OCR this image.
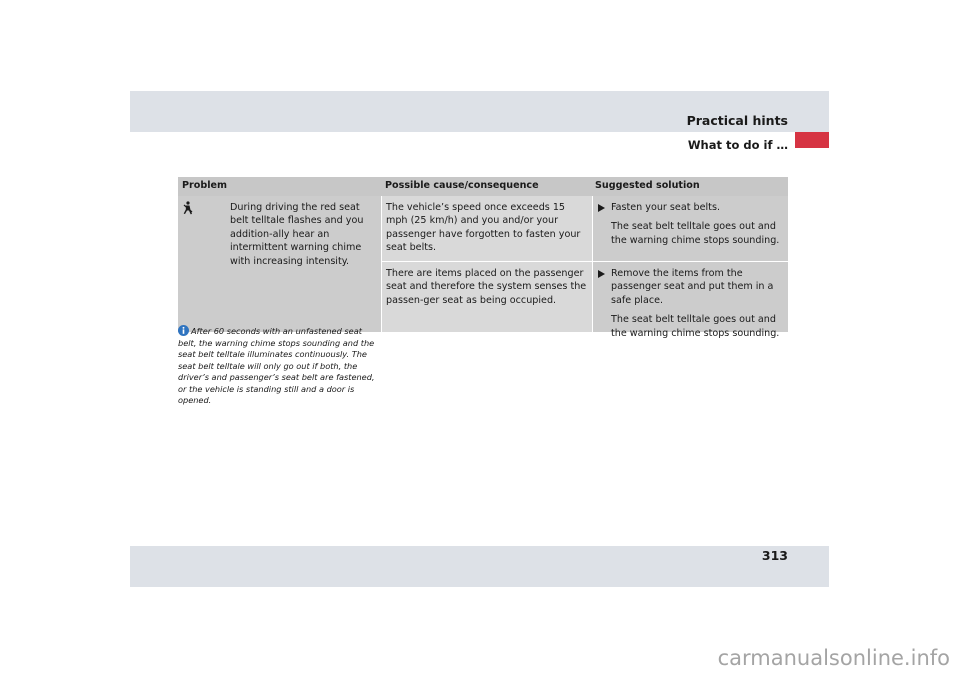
Practical hints
What to do if …
Problem	Possible cause/consequence	Suggested solution
During driving the red seat belt telltale flashes and you addition-ally hear an intermittent warning chime with increasing intensity.
The vehicle’s speed once exceeds 15 mph (25 km/h) and you and/or your passenger have forgotten to fasten your seat belts.
Fasten your seat belts.
The seat belt telltale goes out and the warning chime stops sounding.
There are items placed on the passenger seat and therefore the system senses the passen-ger seat as being occupied.
Remove the items from the passenger seat and put them in a safe place.
The seat belt telltale goes out and the warning chime stops sounding.
After 60 seconds with an unfastened seat belt, the warning chime stops sounding and the seat belt telltale illuminates continuously. The seat belt telltale will only go out if both, the driver’s and passenger’s seat belt are fastened, or the vehicle is standing still and a door is opened.
313
carmanualsonline.info
